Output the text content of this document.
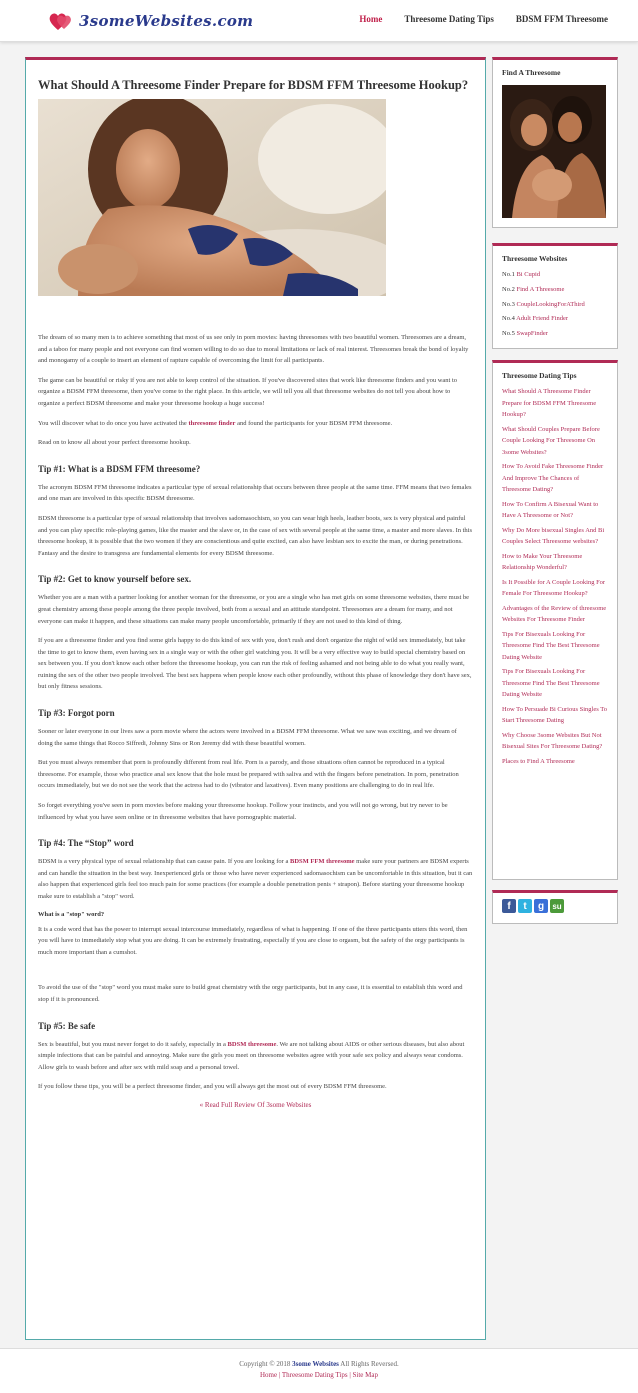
3someWebsites.com	Home Threesome Dating Tips BDSM FFM Threesome
What Should A Threesome Finder Prepare for BDSM FFM Threesome Hookup?

The dream of so many men is to achieve something that most of us see only in porn movies: having threesomes with two beautiful women. Threesomes are a dream, and a taboo for many people and not everyone can find women willing to do so due to moral limitations or lack of real interest. Threesomes break the bond of loyalty and monogamy of a couple to insert an element of rapture capable of overcoming the limit for all participants.

The game can be beautiful or risky if you are not able to keep control of the situation. If you've discovered sites that work like threesome finders and you want to organize a BDSM FFM threesome, then you've come to the right place. In this article, we will tell you all that threesome websites do not tell you about how to organize a perfect BDSM threesome and make your threesome hookup a huge success!

You will discover what to do once you have activated the threesome finder and found the participants for your BDSM FFM threesome.

Read on to know all about your perfect threesome hookup.

Tip #1: What is a BDSM FFM threesome?

The acronym BDSM FFM threesome indicates a particular type of sexual relationship that occurs between three people at the same time. FFM means that two females and one man are involved in this specific BDSM threesome.

BDSM threesome is a particular type of sexual relationship that involves sadomasochism, so you can wear high heels, leather boots, sex is very physical and painful and you can play specific role-playing games, like the master and the slave or, in the case of sex with several people at the same time, a master and more slaves. In this threesome hookup, it is possible that the two women if they are conscientious and quite excited, can also have lesbian sex to excite the man, or during penetrations. Fantasy and the desire to transgress are fundamental elements for every BDSM threesome.

Tip #2: Get to know yourself before sex.

Whether you are a man with a partner looking for another woman for the threesome, or you are a single who has met girls on some threesome websites, there must be great chemistry among these people among the three people involved, both from a sexual and an attitude standpoint. Threesomes are a dream for many, and not everyone can make it happen, and these situations can make many people uncomfortable, primarily if they are not used to this kind of thing.

If you are a threesome finder and you find some girls happy to do this kind of sex with you, don't rush and don't organize the night of wild sex immediately, but take the time to get to know them, even having sex in a single way or with the other girl watching you. It will be a very effective way to build special chemistry based on sex between you. If you don't know each other before the threesome hookup, you can run the risk of feeling ashamed and not being able to do what you really want, ruining the sex of the other two people involved. The best sex happens when people know each other profoundly, without this phase of knowledge they don't have sex, but only fitness sessions.

Tip #3: Forgot porn

Sooner or later everyone in our lives saw a porn movie where the actors were involved in a BDSM FFM threesome. What we saw was exciting, and we dream of doing the same things that Rocco Siffredi, Johnny Sins or Ron Jeremy did with these beautiful women.

But you must always remember that porn is profoundly different from real life. Porn is a parody, and those situations often cannot be reproduced in a typical threesome. For example, those who practice anal sex know that the hole must be prepared with saliva and with the fingers before penetration. In porn, penetration occurs immediately, but we do not see the work that the actress had to do (vibrator and laxatives). Even many positions are challenging to do in real life.

So forget everything you've seen in porn movies before making your threesome hookup. Follow your instincts, and you will not go wrong, but try never to be influenced by what you have seen online or in threesome websites that have pornographic material.

Tip #4: The “Stop” word

BDSM is a very physical type of sexual relationship that can cause pain. If you are looking for a BDSM FFM threesome make sure your partners are BDSM experts and can handle the situation in the best way. Inexperienced girls or those who have never experienced sadomasochism can be uncomfortable in this situation, but it can also happen that experienced girls feel too much pain for some practices (for example a double penetration penis + strapon). Before starting your threesome hookup make sure to establish a "stop" word.

What is a "stop" word?

It is a code word that has the power to interrupt sexual intercourse immediately, regardless of what is happening. If one of the three participants utters this word, then you will have to immediately stop what you are doing. It can be extremely frustrating, especially if you are close to orgasm, but the safety of the orgy participants is much more important than a cumshot.

To avoid the use of the "stop" word you must make sure to build great chemistry with the orgy participants, but in any case, it is essential to establish this word and stop if it is pronounced.

Tip #5: Be safe

Sex is beautiful, but you must never forget to do it safely, especially in a BDSM threesome. We are not talking about AIDS or other serious diseases, but also about simple infections that can be painful and annoying. Make sure the girls you meet on threesome websites agree with your safe sex policy and always wear condoms. Allow girls to wash before and after sex with mild soap and a personal towel.

If you follow these tips, you will be a perfect threesome finder, and you will always get the most out of every BDSM FFM threesome.

« Read Full Review Of 3some Websites
Find A Threesome
Threesome Websites
No.1 Bi Cupid
No.2 Find A Threesome
No.3 CoupleLookingForAThird
No.4 Adult Friend Finder
No.5 SwapFinder
Threesome Dating Tips
What Should A Threesome Finder Prepare for BDSM FFM Threesome Hookup?
What Should Couples Prepare Before Couple Looking For Threesome On 3some Websites?
How To Avoid Fake Threesome Finder And Improve The Chances of Threesome Dating?
How To Confirm A Bisexual Want to Have A Threesome or Not?
Why Do More bisexual Singles And Bi Couples Select Threesome websites?
How to Make Your Threesome Relationship Wonderful?
Is It Possible for A Couple Looking For Female For Threesome Hookup?
Advantages of the Review of threesome Websites For Threesome Finder
Tips For Bisexuals Looking For Threesome Find The Best Threesome Dating Website
Tips For Bisexuals Looking For Threesome Find The Best Threesome Dating Website
How To Persuade Bi Curious Singles To Start Threesome Dating
Why Choose 3some Websites But Not Bisexual Sites For Threesome Dating?
Places to Find A Threesome
f	t	g	su
Copyright © 2018 3some Websites All Rights Reversed.
Home | Threesome Dating Tips | Site Map
